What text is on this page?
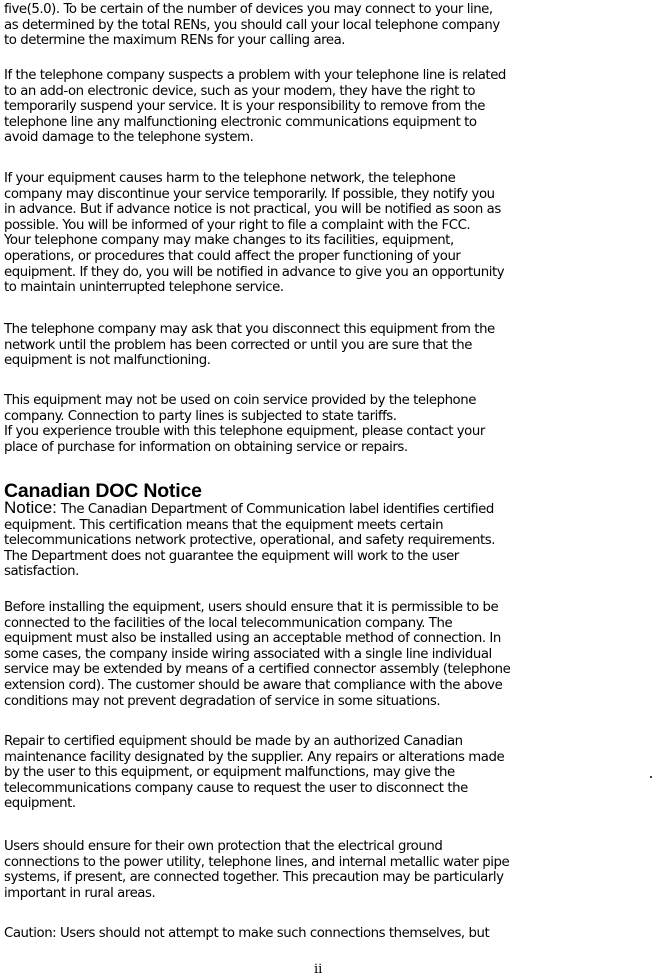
five(5.0). To be certain of the number of devices you may connect to your line,
as determined by the total RENs, you should call your local telephone company
to determine the maximum RENs for your calling area.

If the telephone company suspects a problem with your telephone line is related
to an add-on electronic device, such as your modem, they have the right to
temporarily suspend your service. It is your responsibility to remove from the
telephone line any malfunctioning electronic communications equipment to
avoid damage to the telephone system.

If your equipment causes harm to the telephone network, the telephone
company may discontinue your service temporarily. If possible, they notify you
in advance. But if advance notice is not practical, you will be notified as soon as
possible. You will be informed of your right to file a complaint with the FCC.
Your telephone company may make changes to its facilities, equipment,
operations, or procedures that could affect the proper functioning of your
equipment. If they do, you will be notified in advance to give you an opportunity
to maintain uninterrupted telephone service.

The telephone company may ask that you disconnect this equipment from the
network until the problem has been corrected or until you are sure that the
equipment is not malfunctioning.

This equipment may not be used on coin service provided by the telephone
company. Connection to party lines is subjected to state tariffs.
If you experience trouble with this telephone equipment, please contact your
place of purchase for information on obtaining service or repairs.

Canadian DOC Notice

Notice: The Canadian Department of Communication label identifies certified
equipment. This certification means that the equipment meets certain
telecommunications network protective, operational, and safety requirements.
The Department does not guarantee the equipment will work to the user
satisfaction.

Before installing the equipment, users should ensure that it is permissible to be
connected to the facilities of the local telecommunication company. The
equipment must also be installed using an acceptable method of connection. In
some cases, the company inside wiring associated with a single line individual
service may be extended by means of a certified connector assembly (telephone
extension cord). The customer should be aware that compliance with the above
conditions may not prevent degradation of service in some situations.

Repair to certified equipment should be made by an authorized Canadian
maintenance facility designated by the supplier. Any repairs or alterations made
by the user to this equipment, or equipment malfunctions, may give the
telecommunications company cause to request the user to disconnect the
equipment.

Users should ensure for their own protection that the electrical ground
connections to the power utility, telephone lines, and internal metallic water pipe
systems, if present, are connected together. This precaution may be particularly
important in rural areas.

Caution: Users should not attempt to make such connections themselves, but

ii
